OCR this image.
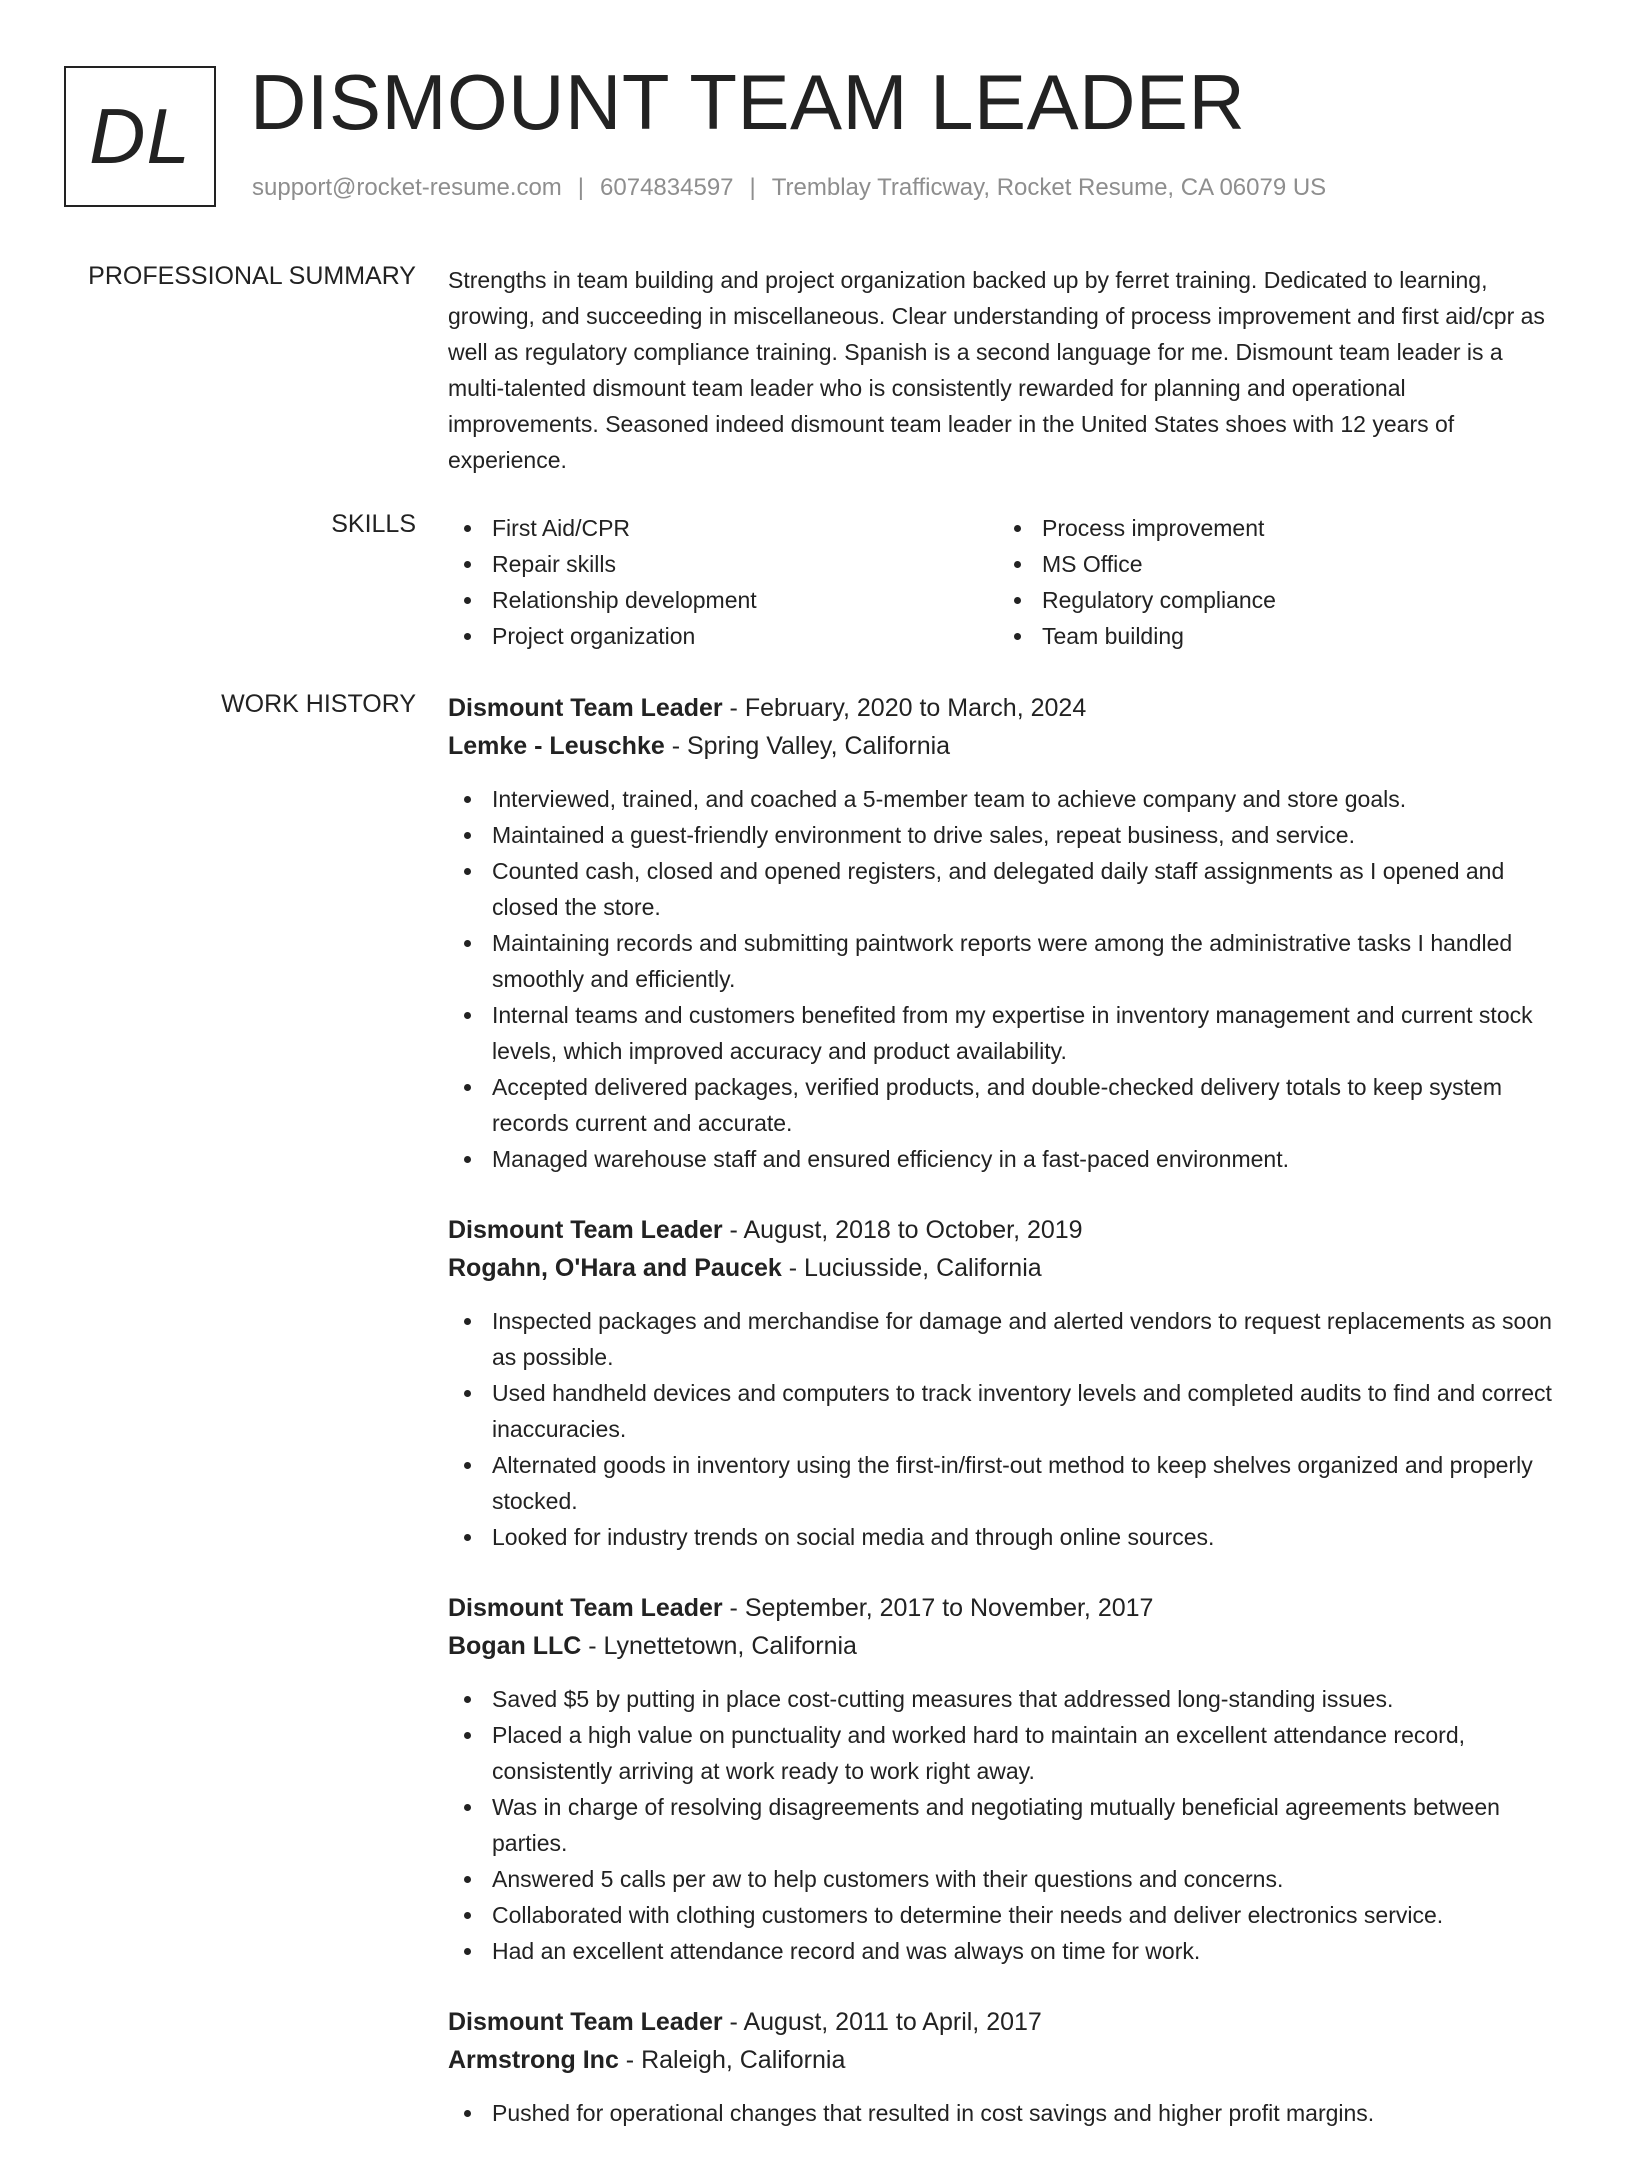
DL DISMOUNT TEAM LEADER
support@rocket-resume.com | 6074834597 | Tremblay Trafficway, Rocket Resume, CA 06079 US
PROFESSIONAL SUMMARY Strengths in team building and project organization backed up by ferret training. Dedicated to learning, growing, and succeeding in miscellaneous. Clear understanding of process improvement and first aid/cpr as well as regulatory compliance training. Spanish is a second language for me. Dismount team leader is a multi-talented dismount team leader who is consistently rewarded for planning and operational improvements. Seasoned indeed dismount team leader in the United States shoes with 12 years of experience.

SKILLS	First Aid/CPR
Repair skills
Relationship development
Project organization
Process improvement
MS Office
Regulatory compliance
Team building
WORK HISTORY Dismount Team Leader - February, 2020 to March, 2024
Lemke - Leuschke - Spring Valley, California
Interviewed, trained, and coached a 5-member team to achieve company and store goals.
Maintained a guest-friendly environment to drive sales, repeat business, and service.
Counted cash, closed and opened registers, and delegated daily staff assignments as I opened and closed the store.
Maintaining records and submitting paintwork reports were among the administrative tasks I handled smoothly and efficiently.
Internal teams and customers benefited from my expertise in inventory management and current stock levels, which improved accuracy and product availability.
Accepted delivered packages, verified products, and double-checked delivery totals to keep system records current and accurate.
Managed warehouse staff and ensured efficiency in a fast-paced environment.
Dismount Team Leader - August, 2018 to October, 2019
Rogahn, O'Hara and Paucek - Luciusside, California
Inspected packages and merchandise for damage and alerted vendors to request replacements as soon as possible.
Used handheld devices and computers to track inventory levels and completed audits to find and correct inaccuracies.
Alternated goods in inventory using the first-in/first-out method to keep shelves organized and properly stocked.
Looked for industry trends on social media and through online sources.
Dismount Team Leader - September, 2017 to November, 2017
Bogan LLC - Lynettetown, California
Saved $5 by putting in place cost-cutting measures that addressed long-standing issues.
Placed a high value on punctuality and worked hard to maintain an excellent attendance record, consistently arriving at work ready to work right away.
Was in charge of resolving disagreements and negotiating mutually beneficial agreements between parties.
Answered 5 calls per aw to help customers with their questions and concerns.
Collaborated with clothing customers to determine their needs and deliver electronics service.
Had an excellent attendance record and was always on time for work.
Dismount Team Leader - August, 2011 to April, 2017
Armstrong Inc - Raleigh, California
Pushed for operational changes that resulted in cost savings and higher profit margins.
